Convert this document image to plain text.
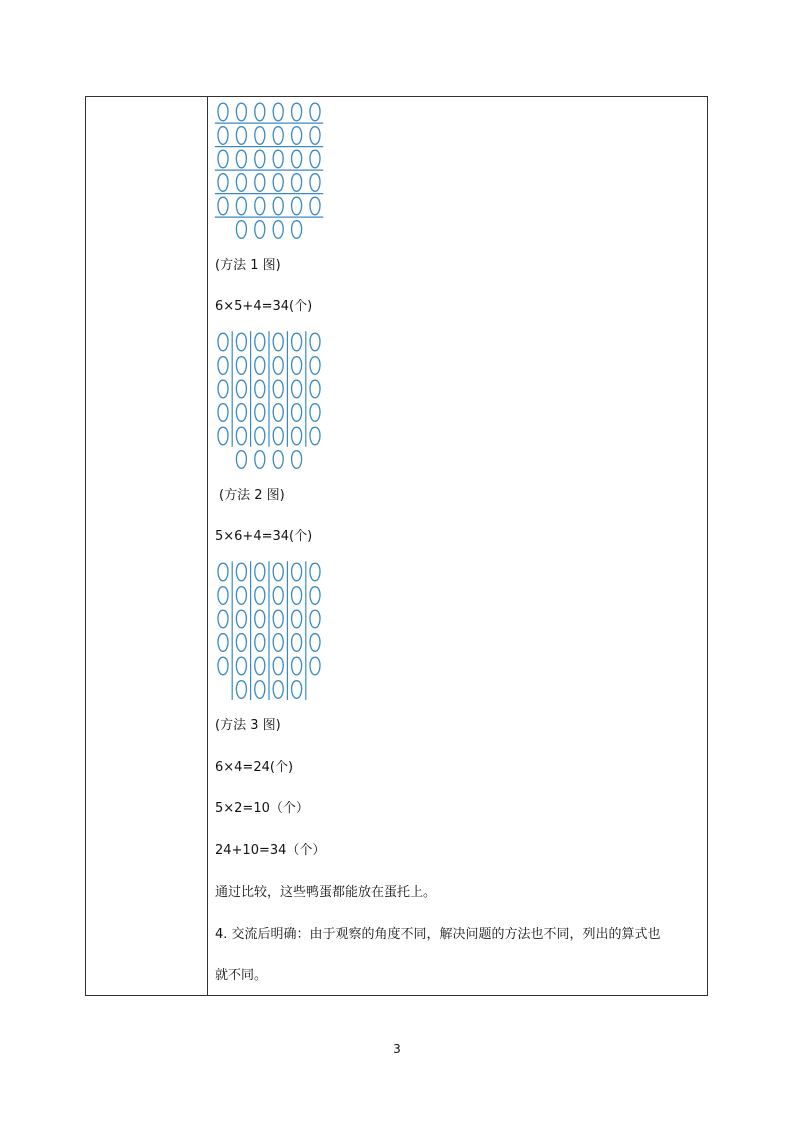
(方法 1 图)
6×5+4=34(个)
(方法 2 图)
5×6+4=34(个)
(方法 3 图)
6×4=24(个)
5×2=10（个）
24+10=34（个）
通过比较，这些鸭蛋都能放在蛋托上。
4. 交流后明确：由于观察的角度不同，解决问题的方法也不同，列出的算式也
就不同。
3
